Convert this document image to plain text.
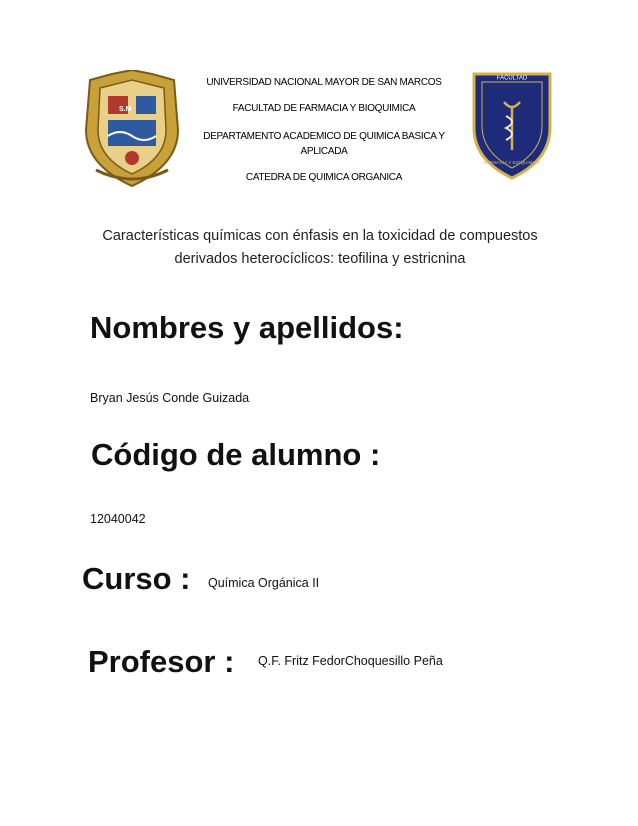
S.M
UNIVERSIDAD NACIONAL MAYOR DE SAN MARCOS
FACULTAD DE FARMACIA Y BIOQUIMICA
DEPARTAMENTO ACADEMICO DE QUIMICA BASICA Y APLICADA
CATEDRA DE QUIMICA ORGANICA
FACULTAD
FARMACIA Y BIOQUIMICA
Características químicas con énfasis en la toxicidad de compuestos derivados heterocíclicos: teofilina y estricnina
Nombres y apellidos:
Bryan Jesús Conde Guizada
Código de alumno :
12040042
Curso : Química Orgánica II
Profesor : Q.F. Fritz FedorChoquesillo Peña
